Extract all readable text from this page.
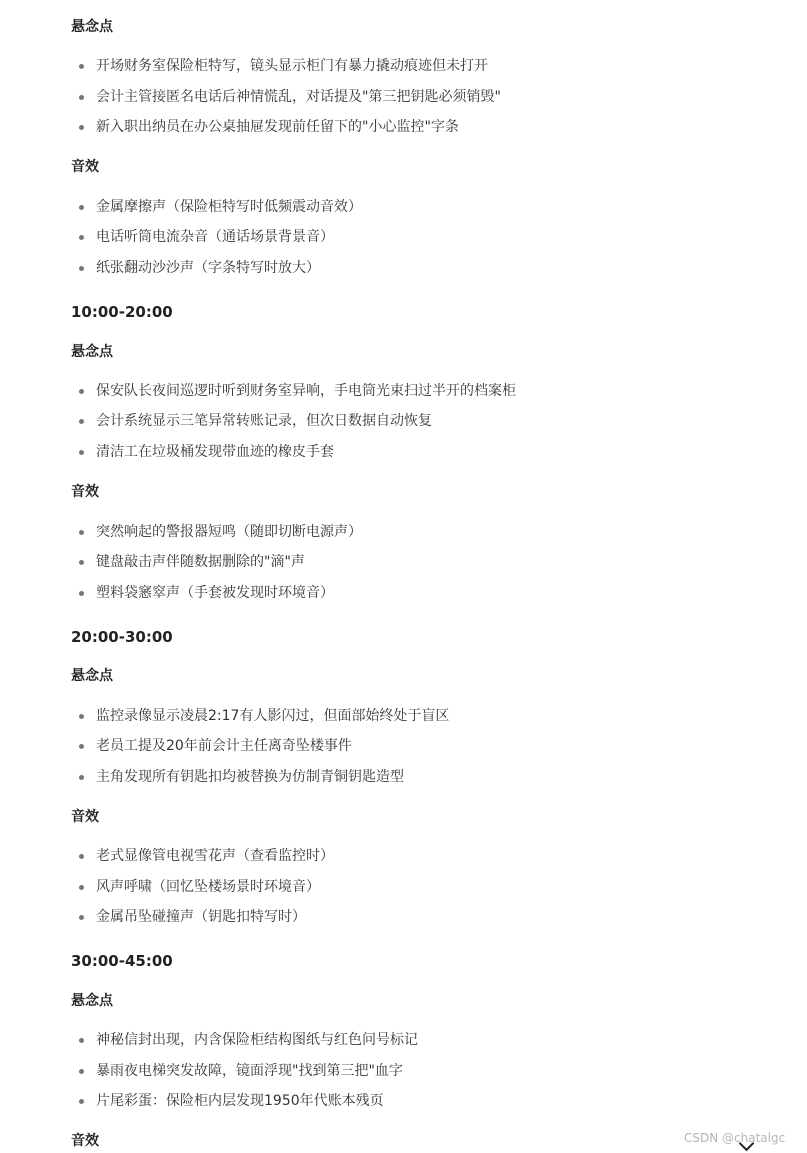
悬念点
开场财务室保险柜特写，镜头显示柜门有暴力撬动痕迹但未打开
会计主管接匿名电话后神情慌乱，对话提及"第三把钥匙必须销毁"
新入职出纳员在办公桌抽屉发现前任留下的"小心监控"字条
音效
金属摩擦声（保险柜特写时低频震动音效）
电话听筒电流杂音（通话场景背景音）
纸张翻动沙沙声（字条特写时放大）
10:00-20:00
悬念点
保安队长夜间巡逻时听到财务室异响，手电筒光束扫过半开的档案柜
会计系统显示三笔异常转账记录，但次日数据自动恢复
清洁工在垃圾桶发现带血迹的橡皮手套
音效
突然响起的警报器短鸣（随即切断电源声）
键盘敲击声伴随数据删除的"滴"声
塑料袋窸窣声（手套被发现时环境音）
20:00-30:00
悬念点
监控录像显示凌晨2:17有人影闪过，但面部始终处于盲区
老员工提及20年前会计主任离奇坠楼事件
主角发现所有钥匙扣均被替换为仿制青铜钥匙造型
音效
老式显像管电视雪花声（查看监控时）
风声呼啸（回忆坠楼场景时环境音）
金属吊坠碰撞声（钥匙扣特写时）
30:00-45:00
悬念点
神秘信封出现，内含保险柜结构图纸与红色问号标记
暴雨夜电梯突发故障，镜面浮现"找到第三把"血字
片尾彩蛋：保险柜内层发现1950年代账本残页
音效	CSDN @chatalgc
